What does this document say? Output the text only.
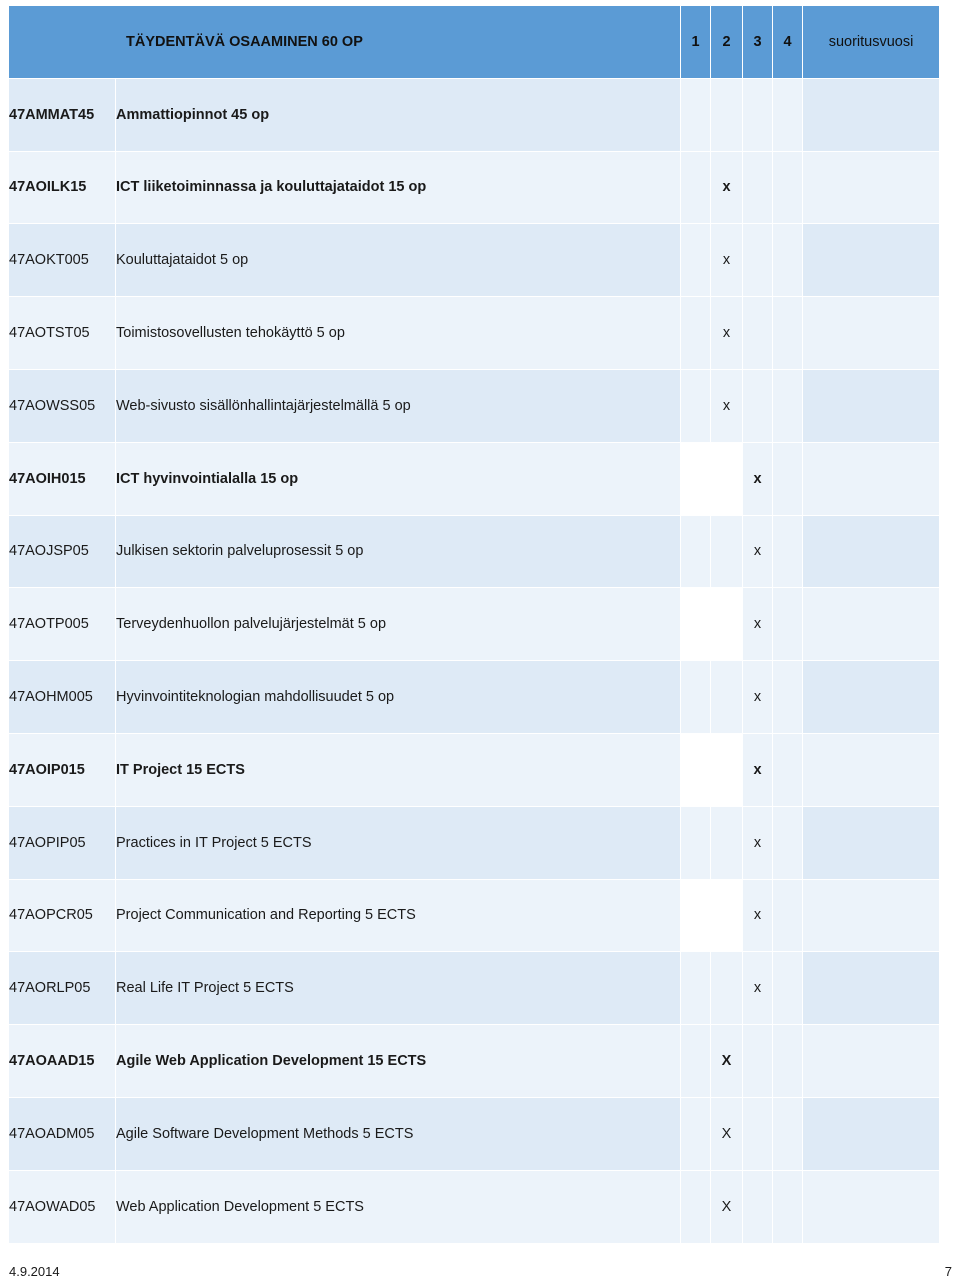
TÄYDENTÄVÄ OSAAMINEN 60 OP		1	2	3	4	suoritusvuosi
47AMMAT45	Ammattiopinnot 45 op					
47AOILK15	ICT liiketoiminnassa ja kouluttajataidot 15 op		x			
47AOKT005	Kouluttajataidot 5 op		x			
47AOTST05	Toimistosovellusten tehokäyttö 5 op		x			
47AOWSS05	Web-sivusto sisällönhallintajärjestelmällä 5 op		x			
47AOIH015	ICT hyvinvointialalla 15 op			x		
47AOJSP05	Julkisen sektorin palveluprosessit 5 op			x		
47AOTP005	Terveydenhuollon palvelujärjestelmät 5 op			x		
47AOHM005	Hyvinvointiteknologian mahdollisuudet 5 op			x		
47AOIP015	IT Project 15 ECTS			x		
47AOPIP05	Practices in IT Project 5 ECTS			x		
47AOPCR05	Project Communication and Reporting 5 ECTS			x		
47AORLP05	Real Life IT Project 5 ECTS			x		
47AOAAD15	Agile Web Application Development 15 ECTS		X			
47AOADM05	Agile Software Development Methods 5 ECTS		X			
47AOWAD05	Web Application Development 5 ECTS		X			
4.9.2014	7
